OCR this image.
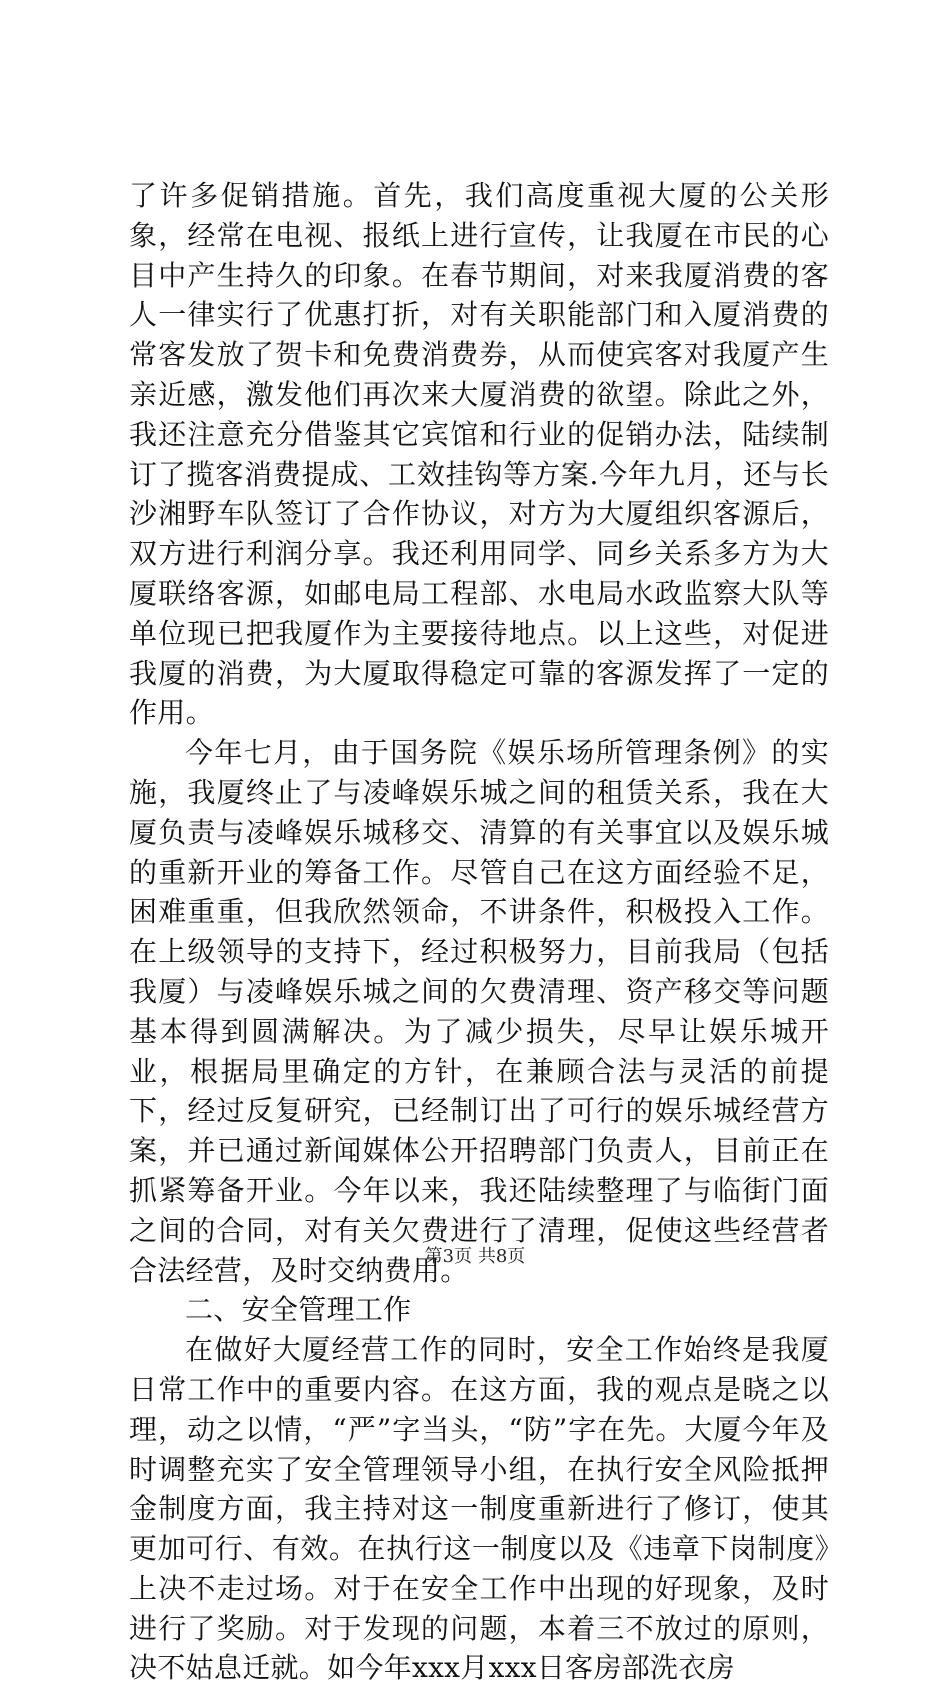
了许多促销措施。首先，我们高度重视大厦的公关形象，经常在电视、报纸上进行宣传，让我厦在市民的心目中产生持久的印象。在春节期间，对来我厦消费的客人一律实行了优惠打折，对有关职能部门和入厦消费的常客发放了贺卡和免费消费券，从而使宾客对我厦产生亲近感，激发他们再次来大厦消费的欲望。除此之外，我还注意充分借鉴其它宾馆和行业的促销办法，陆续制订了揽客消费提成、工效挂钩等方案.今年九月，还与长沙湘野车队签订了合作协议，对方为大厦组织客源后，双方进行利润分享。我还利用同学、同乡关系多方为大厦联络客源，如邮电局工程部、水电局水政监察大队等单位现已把我厦作为主要接待地点。以上这些，对促进我厦的消费，为大厦取得稳定可靠的客源发挥了一定的作用。

今年七月，由于国务院《娱乐场所管理条例》的实施，我厦终止了与凌峰娱乐城之间的租赁关系，我在大厦负责与凌峰娱乐城移交、清算的有关事宜以及娱乐城的重新开业的筹备工作。尽管自己在这方面经验不足，困难重重，但我欣然领命，不讲条件，积极投入工作。在上级领导的支持下，经过积极努力，目前我局（包括我厦）与凌峰娱乐城之间的欠费清理、资产移交等问题基本得到圆满解决。为了减少损失，尽早让娱乐城开业，根据局里确定的方针，在兼顾合法与灵活的前提下，经过反复研究，已经制订出了可行的娱乐城经营方案，并已通过新闻媒体公开招聘部门负责人，目前正在抓紧筹备开业。今年以来，我还陆续整理了与临街门面之间的合同，对有关欠费进行了清理，促使这些经营者合法经营，及时交纳费用。

二、安全管理工作

在做好大厦经营工作的同时，安全工作始终是我厦日常工作中的重要内容。在这方面，我的观点是晓之以理，动之以情，“严”字当头，“防”字在先。大厦今年及时调整充实了安全管理领导小组，在执行安全风险抵押金制度方面，我主持对这一制度重新进行了修订，使其更加可行、有效。在执行这一制度以及《违章下岗制度》上决不走过场。对于在安全工作中出现的好现象，及时进行了奖励。对于发现的问题，本着三不放过的原则，决不姑息迁就。如今年xxx月xxx日客房部洗衣房

第3页 共8页
